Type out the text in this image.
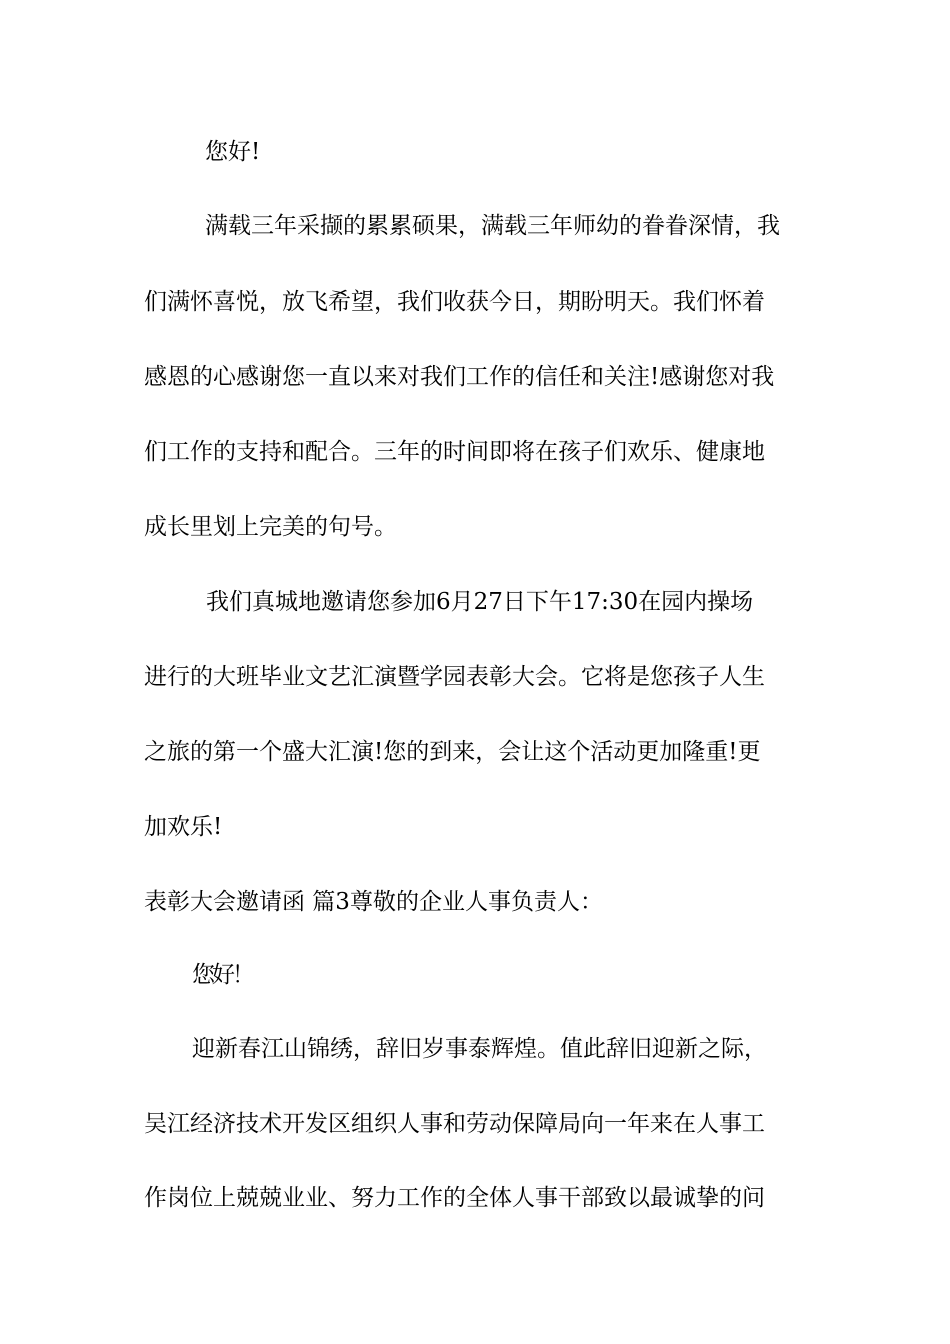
您好!
满载三年采撷的累累硕果，满载三年师幼的眷眷深情，我
们满怀喜悦，放飞希望，我们收获今日，期盼明天。我们怀着
感恩的心感谢您一直以来对我们工作的信任和关注!感谢您对我
们工作的支持和配合。三年的时间即将在孩子们欢乐、健康地
成长里划上完美的句号。
我们真城地邀请您参加6月27日下午17:30在园内操场
进行的大班毕业文艺汇演暨学园表彰大会。它将是您孩子人生
之旅的第一个盛大汇演!您的到来，会让这个活动更加隆重!更
加欢乐!
表彰大会邀请函 篇3尊敬的企业人事负责人：
您好！
迎新春江山锦绣，辞旧岁事泰辉煌。值此辞旧迎新之际，
吴江经济技术开发区组织人事和劳动保障局向一年来在人事工
作岗位上兢兢业业、努力工作的全体人事干部致以最诚挚的问
